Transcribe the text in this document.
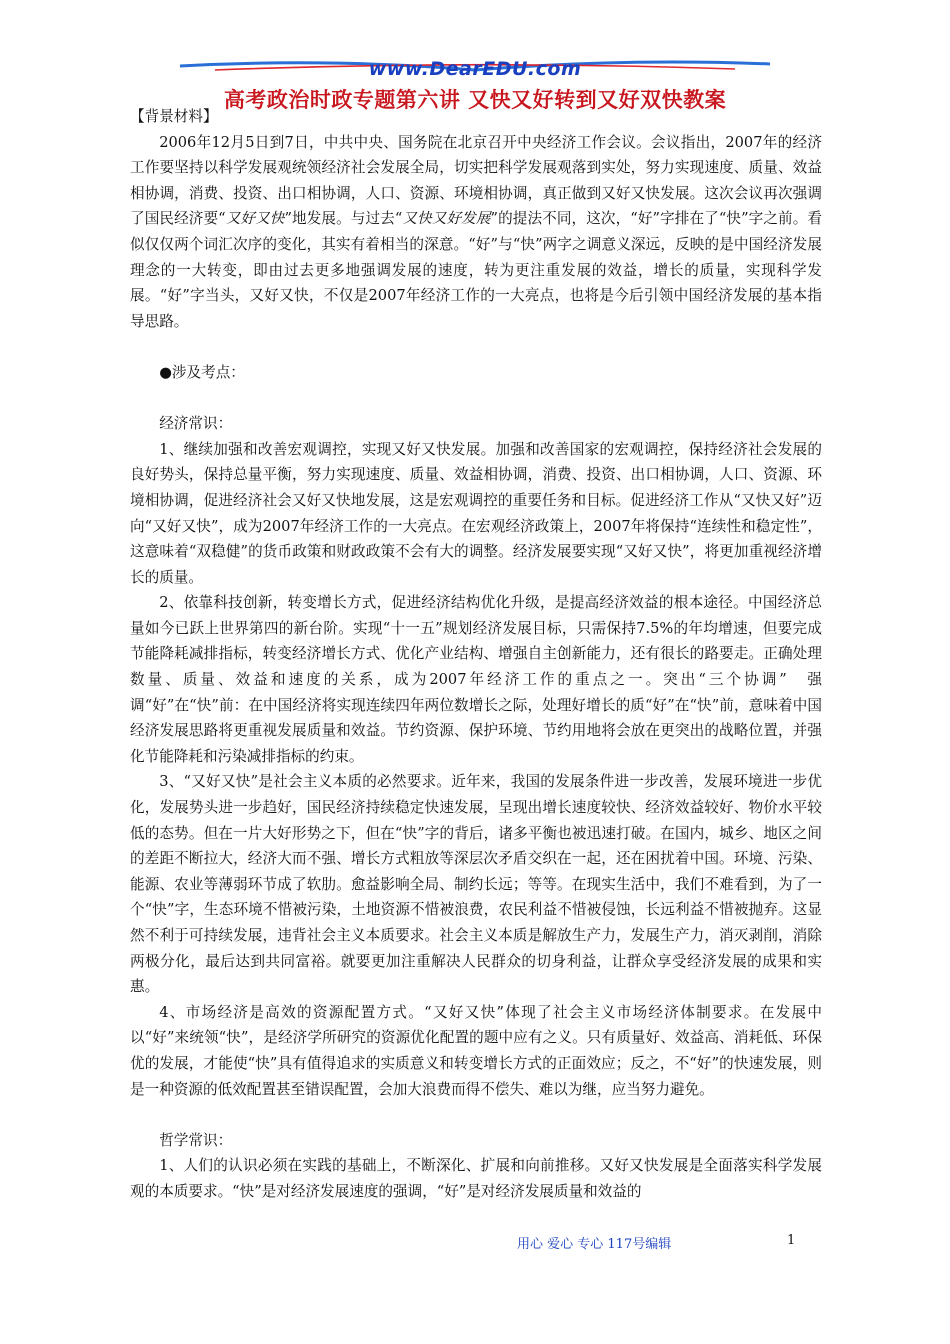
www.DearEDU.com
高考政治时政专题第六讲 又快又好转到又好双快教案

【背景材料】

2006年12月5日到7日，中共中央、国务院在北京召开中央经济工作会议。会议指出，2007年的经济工作要坚持以科学发展观统领经济社会发展全局，切实把科学发展观落到实处，努力实现速度、质量、效益相协调，消费、投资、出口相协调，人口、资源、环境相协调，真正做到又好又快发展。这次会议再次强调了国民经济要“又好又快”地发展。与过去“又快又好发展”的提法不同，这次，“好”字排在了“快”字之前。看似仅仅两个词汇次序的变化，其实有着相当的深意。“好”与“快”两字之调意义深远，反映的是中国经济发展理念的一大转变，即由过去更多地强调发展的速度，转为更注重发展的效益，增长的质量，实现科学发展。“好”字当头，又好又快，不仅是2007年经济工作的一大亮点，也将是今后引领中国经济发展的基本指导思路。

●涉及考点：

经济常识：

1、继续加强和改善宏观调控，实现又好又快发展。加强和改善国家的宏观调控，保持经济社会发展的良好势头，保持总量平衡，努力实现速度、质量、效益相协调，消费、投资、出口相协调，人口、资源、环境相协调，促进经济社会又好又快地发展，这是宏观调控的重要任务和目标。促进经济工作从“又快又好”迈向“又好又快”，成为2007年经济工作的一大亮点。在宏观经济政策上，2007年将保持“连续性和稳定性”，这意味着“双稳健”的货币政策和财政政策不会有大的调整。经济发展要实现“又好又快”，将更加重视经济增长的质量。

2、依靠科技创新，转变增长方式，促进经济结构优化升级，是提高经济效益的根本途径。中国经济总量如今已跃上世界第四的新台阶。实现“十一五”规划经济发展目标，只需保持7.5%的年均增速，但要完成节能降耗减排指标，转变经济增长方式、优化产业结构、增强自主创新能力，还有很长的路要走。正确处理数量、质量、效益和速度的关系，成为2007年经济工作的重点之一。突出“三个协调”　强调“好”在“快”前：在中国经济将实现连续四年两位数增长之际，处理好增长的质“好”在“快”前，意味着中国经济发展思路将更重视发展质量和效益。节约资源、保护环境、节约用地将会放在更突出的战略位置，并强化节能降耗和污染减排指标的约束。

3、“又好又快”是社会主义本质的必然要求。近年来，我国的发展条件进一步改善，发展环境进一步优化，发展势头进一步趋好，国民经济持续稳定快速发展，呈现出增长速度较快、经济效益较好、物价水平较低的态势。但在一片大好形势之下，但在“快”字的背后，诸多平衡也被迅速打破。在国内，城乡、地区之间的差距不断拉大，经济大而不强、增长方式粗放等深层次矛盾交织在一起，还在困扰着中国。环境、污染、能源、农业等薄弱环节成了软肋。愈益影响全局、制约长远；等等。在现实生活中，我们不难看到，为了一个“快”字，生态环境不惜被污染，土地资源不惜被浪费，农民利益不惜被侵蚀，长远利益不惜被抛弃。这显然不利于可持续发展，违背社会主义本质要求。社会主义本质是解放生产力，发展生产力，消灭剥削，消除两极分化，最后达到共同富裕。就要更加注重解决人民群众的切身利益，让群众享受经济发展的成果和实惠。

4、市场经济是高效的资源配置方式。“又好又快”体现了社会主义市场经济体制要求。在发展中以“好”来统领“快”，是经济学所研究的资源优化配置的题中应有之义。只有质量好、效益高、消耗低、环保优的发展，才能使“快”具有值得追求的实质意义和转变增长方式的正面效应；反之，不“好”的快速发展，则是一种资源的低效配置甚至错误配置，会加大浪费而得不偿失、难以为继，应当努力避免。

哲学常识：

1、人们的认识必须在实践的基础上，不断深化、扩展和向前推移。又好又快发展是全面落实科学发展观的本质要求。“快”是对经济发展速度的强调，“好”是对经济发展质量和效益的

用心 爱心 专心 117号编辑	1
